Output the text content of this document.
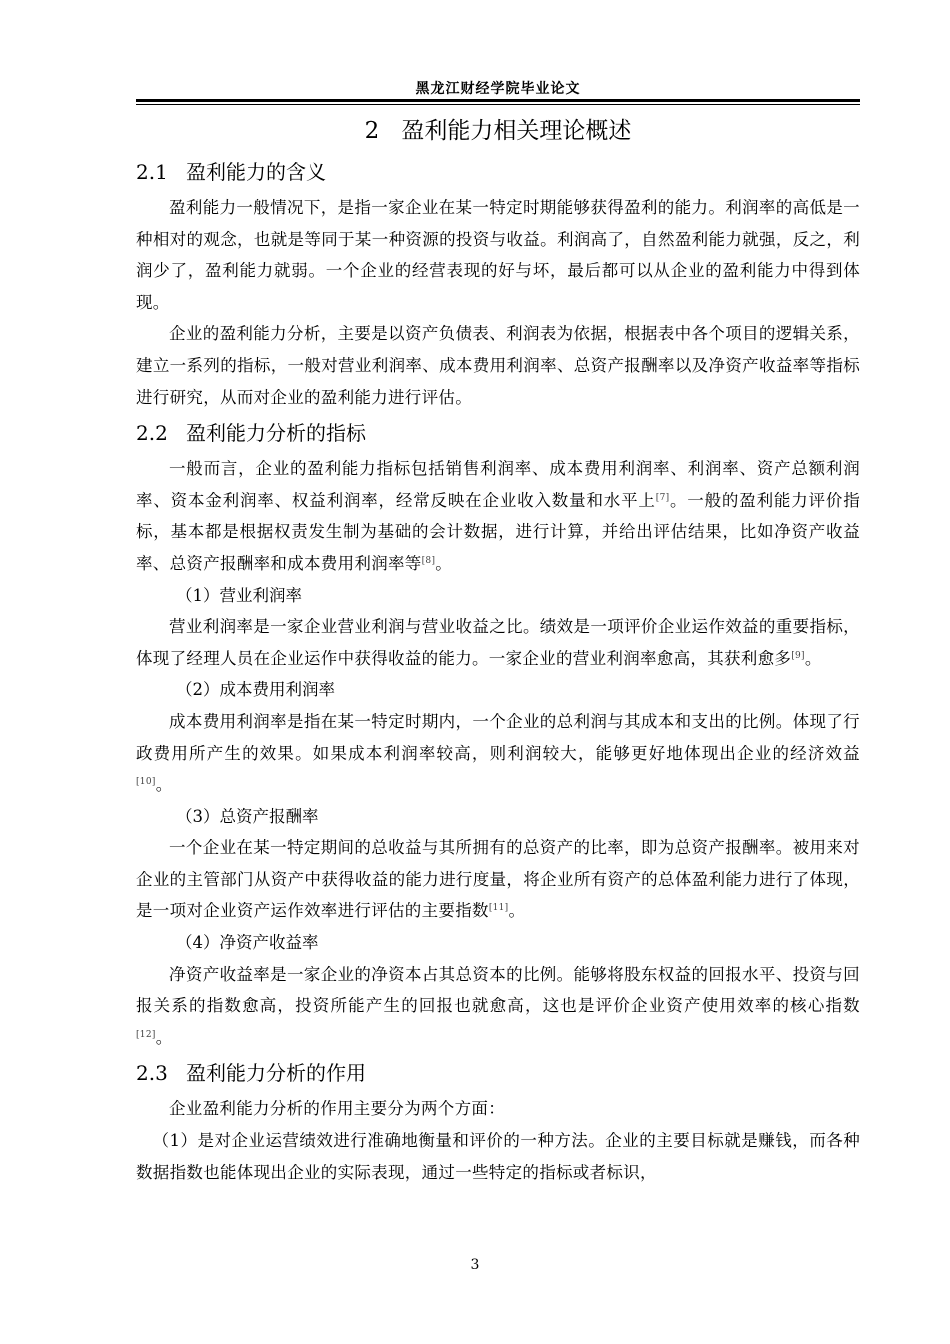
黑龙江财经学院毕业论文
2 盈利能力相关理论概述
2.1 盈利能力的含义

盈利能力一般情况下，是指一家企业在某一特定时期能够获得盈利的能力。利润率的高低是一种相对的观念，也就是等同于某一种资源的投资与收益。利润高了，自然盈利能力就强，反之，利润少了，盈利能力就弱。一个企业的经营表现的好与坏，最后都可以从企业的盈利能力中得到体现。

企业的盈利能力分析，主要是以资产负债表、利润表为依据，根据表中各个项目的逻辑关系，建立一系列的指标，一般对营业利润率、成本费用利润率、总资产报酬率以及净资产收益率等指标进行研究，从而对企业的盈利能力进行评估。

2.2 盈利能力分析的指标

一般而言，企业的盈利能力指标包括销售利润率、成本费用利润率、利润率、资产总额利润率、资本金利润率、权益利润率，经常反映在企业收入数量和水平上[7]。一般的盈利能力评价指标，基本都是根据权责发生制为基础的会计数据，进行计算，并给出评估结果，比如净资产收益率、总资产报酬率和成本费用利润率等[8]。

（1）营业利润率

营业利润率是一家企业营业利润与营业收益之比。绩效是一项评价企业运作效益的重要指标，体现了经理人员在企业运作中获得收益的能力。一家企业的营业利润率愈高，其获利愈多[9]。

（2）成本费用利润率

成本费用利润率是指在某一特定时期内，一个企业的总利润与其成本和支出的比例。体现了行政费用所产生的效果。如果成本利润率较高，则利润较大，能够更好地体现出企业的经济效益[10]。

（3）总资产报酬率

一个企业在某一特定期间的总收益与其所拥有的总资产的比率，即为总资产报酬率。被用来对企业的主管部门从资产中获得收益的能力进行度量，将企业所有资产的总体盈利能力进行了体现，是一项对企业资产运作效率进行评估的主要指数[11]。

（4）净资产收益率

净资产收益率是一家企业的净资本占其总资本的比例。能够将股东权益的回报水平、投资与回报关系的指数愈高，投资所能产生的回报也就愈高，这也是评价企业资产使用效率的核心指数[12]。

2.3 盈利能力分析的作用

企业盈利能力分析的作用主要分为两个方面：

（1）是对企业运营绩效进行准确地衡量和评价的一种方法。企业的主要目标就是赚钱，而各种数据指数也能体现出企业的实际表现，通过一些特定的指标或者标识，

3
